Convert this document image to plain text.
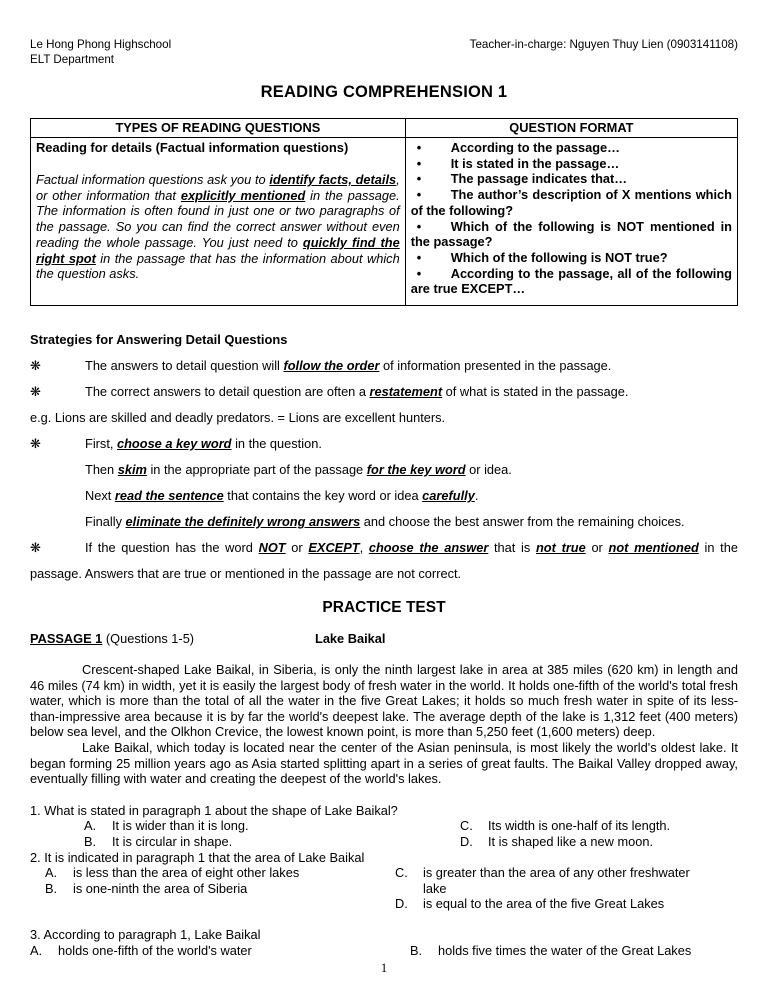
Le Hong Phong Highschool
ELT Department
Teacher-in-charge: Nguyen Thuy Lien (0903141108)
READING COMPREHENSION 1
TYPES OF READING QUESTIONS	QUESTION FORMAT

Reading for details (Factual information questions)
Factual information questions ask you to identify facts, details, or other information that explicitly mentioned in the passage. The information is often found in just one or two paragraphs of the passage. So you can find the correct answer without even reading the whole passage. You just need to quickly find the right spot in the passage that has the information about which the question asks.

• According to the passage…
• It is stated in the passage…
• The passage indicates that…
• The author’s description of X mentions which of the following?
• Which of the following is NOT mentioned in the passage?
• Which of the following is NOT true?
• According to the passage, all of the following are true EXCEPT…
Strategies for Answering Detail Questions
❋	The answers to detail question will follow the order of information presented in the passage.
❋	The correct answers to detail question are often a restatement of what is stated in the passage.
e.g. Lions are skilled and deadly predators. = Lions are excellent hunters.
❋	First, choose a key word in the question.
Then skim in the appropriate part of the passage for the key word or idea.
Next read the sentence that contains the key word or idea carefully.
Finally eliminate the definitely wrong answers and choose the best answer from the remaining choices.
❋	If the question has the word NOT or EXCEPT, choose the answer that is not true or not mentioned in the passage. Answers that are true or mentioned in the passage are not correct.
PRACTICE TEST
PASSAGE 1 (Questions 1-5)	Lake Baikal
Crescent-shaped Lake Baikal, in Siberia, is only the ninth largest lake in area at 385 miles (620 km) in length and 46 miles (74 km) in width, yet it is easily the largest body of fresh water in the world. It holds one-fifth of the world's total fresh water, which is more than the total of all the water in the five Great Lakes; it holds so much fresh water in spite of its less-than-impressive area because it is by far the world's deepest lake. The average depth of the lake is 1,312 feet (400 meters) below sea level, and the Olkhon Crevice, the lowest known point, is more than 5,250 feet (1,600 meters) deep.
Lake Baikal, which today is located near the center of the Asian peninsula, is most likely the world's oldest lake. It began forming 25 million years ago as Asia started splitting apart in a series of great faults. The Baikal Valley dropped away, eventually filling with water and creating the deepest of the world's lakes.
1. What is stated in paragraph 1 about the shape of Lake Baikal?
A. It is wider than it is long.
B. It is circular in shape.
C. Its width is one-half of its length.
D. It is shaped like a new moon.
2. It is indicated in paragraph 1 that the area of Lake Baikal
A. is less than the area of eight other lakes
B. is one-ninth the area of Siberia
C. is greater than the area of any other freshwater lake
D. is equal to the area of the five Great Lakes
3. According to paragraph 1, Lake Baikal
A. holds one-fifth of the world's water	B. holds five times the water of the Great Lakes
1
